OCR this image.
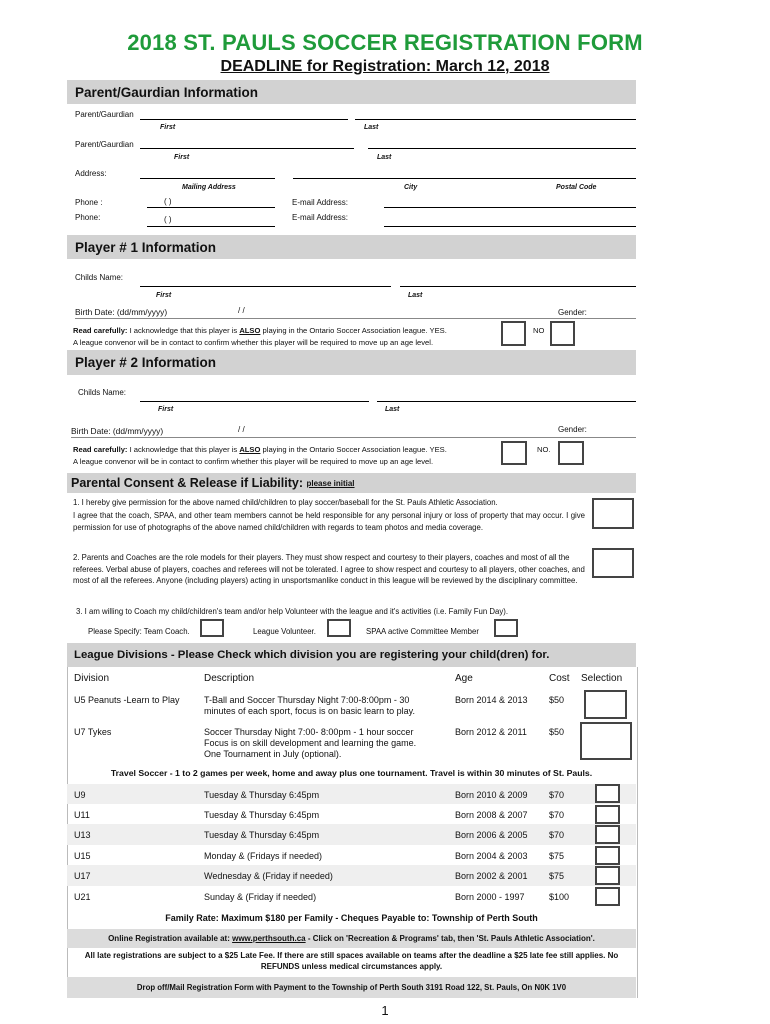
2018 ST. PAULS SOCCER REGISTRATION FORM
DEADLINE for Registration: March 12, 2018
Parent/Gaurdian Information
Parent/Gaurdian
First	Last
Parent/Gaurdian
First	Last
Address:
Mailing Address	City	Postal Code
Phone :	( )	E-mail Address:
Phone:	( )	E-mail Address:
Player # 1 Information
Childs Name:
First	Last
Birth Date: (dd/mm/yyyy)	/ /	Gender:
Read carefully: I acknowledge that this player is ALSO playing in the Ontario Soccer Association league. YES.	NO
A league convenor will be in contact to confirm whether this player will be required to move up an age level.
Player # 2 Information
Childs Name:
First	Last
Birth Date: (dd/mm/yyyy)	/ /	Gender:
Read carefully: I acknowledge that this player is ALSO playing in the Ontario Soccer Association league. YES.	NO.
A league convenor will be in contact to confirm whether this player will be required to move up an age level.
Parental Consent & Release if Liability:
please initial
1. I hereby give permission for the above named child/children to play soccer/baseball for the St. Pauls Athletic Association.
I agree that the coach, SPAA, and other team members cannot be held responsible for any personal injury or loss of property that may occur. I give permission for use of photographs of the above named child/children with regards to team photos and media coverage.
2. Parents and Coaches are the role models for their players. They must show respect and courtesy to their players, coaches and most of all the referees. Verbal abuse of players, coaches and referees will not be tolerated. I agree to show respect and courtesy to all players, other coaches, and most of all the referees. Anyone (including players) acting in unsportsmanlike conduct in this league will be reviewed by the disciplinary committee.
3. I am willing to Coach my child/children's team and/or help Volunteer with the league and it's activities (i.e. Family Fun Day).
Please Specify: Team Coach.	League Volunteer.	SPAA active Committee Member
League Divisions - Please Check which division you are registering your child(dren) for.
Division	Description	Age	Cost Selection
U5 Peanuts -Learn to Play	T-Ball and Soccer Thursday Night 7:00-8:00pm - 30
minutes of each sport, focus is on basic learn to play.
Born 2014 & 2013 $50
U7 Tykes	Soccer Thursday Night 7:00- 8:00pm - 1 hour soccer
Focus is on skill development and learning the game.
One Tournament in July (optional).
Born 2012 & 2011 $50
Travel Soccer - 1 to 2 games per week, home and away plus one tournament. Travel is within 30 minutes of St. Pauls.
U9	Tuesday & Thursday 6:45pm	Born 2010 & 2009 $70
U11	Tuesday & Thursday 6:45pm	Born 2008 & 2007 $70
U13	Tuesday & Thursday 6:45pm	Born 2006 & 2005 $70
U15	Monday & (Fridays if needed)	Born 2004 & 2003 $75
U17	Wednesday & (Friday if needed)	Born 2002 & 2001 $75
U21	Sunday & (Friday if needed)	Born 2000 - 1997	$100
Family Rate: Maximum $180 per Family - Cheques Payable to: Township of Perth South
Online Registration available at: www.perthsouth.ca - Click on 'Recreation & Programs' tab, then 'St. Pauls Athletic Association'.
All late registrations are subject to a $25 Late Fee. If there are still spaces available on teams after the deadline a $25 late fee still applies. No REFUNDS unless medical circumstances apply.
Drop off/Mail Registration Form with Payment to the Township of Perth South 3191 Road 122, St. Pauls, On N0K 1V0
1
